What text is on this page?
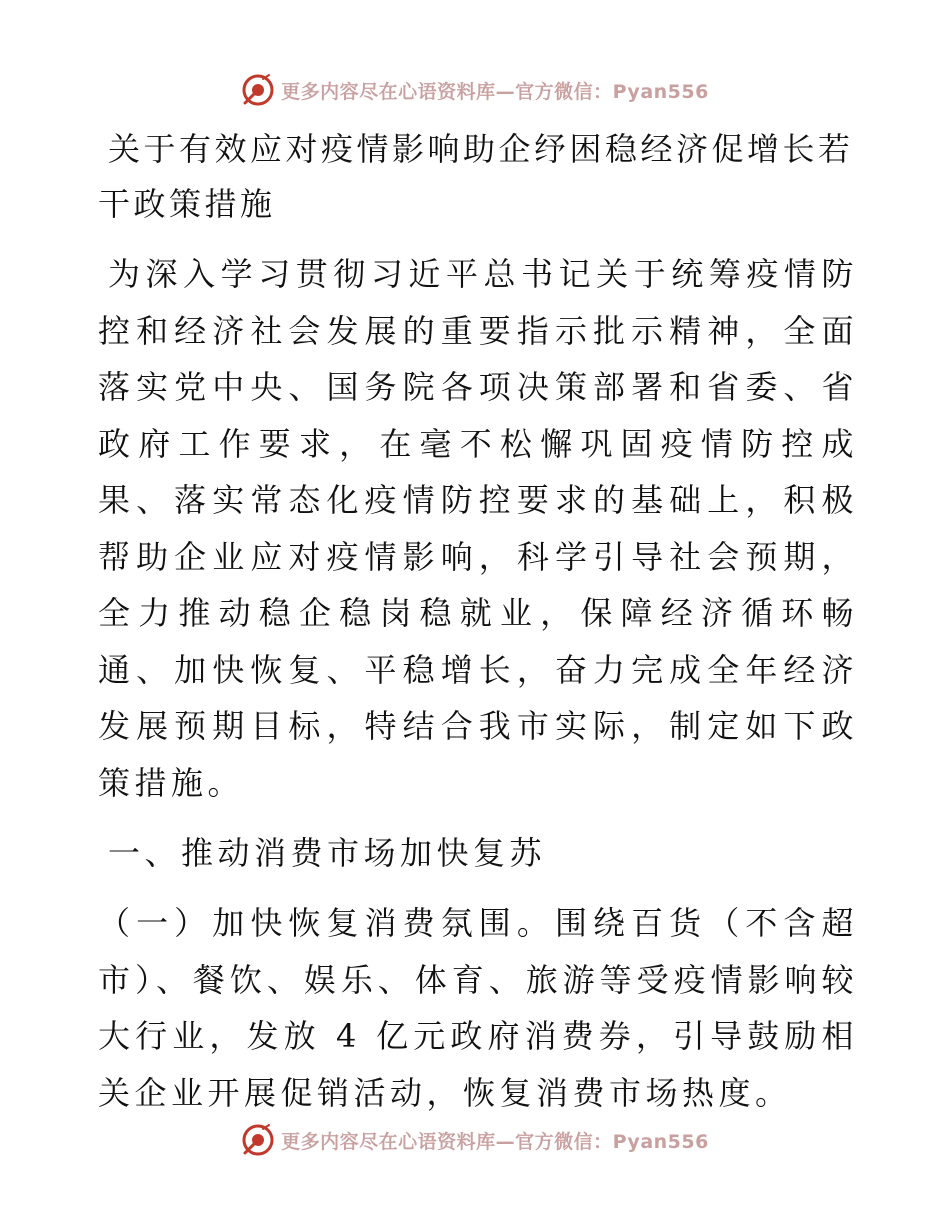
更多内容尽在心语资料库—官方微信：Pyan556
关于有效应对疫情影响助企纾困稳经济促增长若干政策措施
为深入学习贯彻习近平总书记关于统筹疫情防控和经济社会发展的重要指示批示精神，全面落实党中央、国务院各项决策部署和省委、省政府工作要求，在毫不松懈巩固疫情防控成果、落实常态化疫情防控要求的基础上，积极帮助企业应对疫情影响，科学引导社会预期，全力推动稳企稳岗稳就业，保障经济循环畅通、加快恢复、平稳增长，奋力完成全年经济发展预期目标，特结合我市实际，制定如下政策措施。
一、推动消费市场加快复苏
（一）加快恢复消费氛围。围绕百货（不含超市）、餐饮、娱乐、体育、旅游等受疫情影响较大行业，发放 4 亿元政府消费券，引导鼓励相关企业开展促销活动，恢复消费市场热度。
更多内容尽在心语资料库—官方微信：Pyan556
